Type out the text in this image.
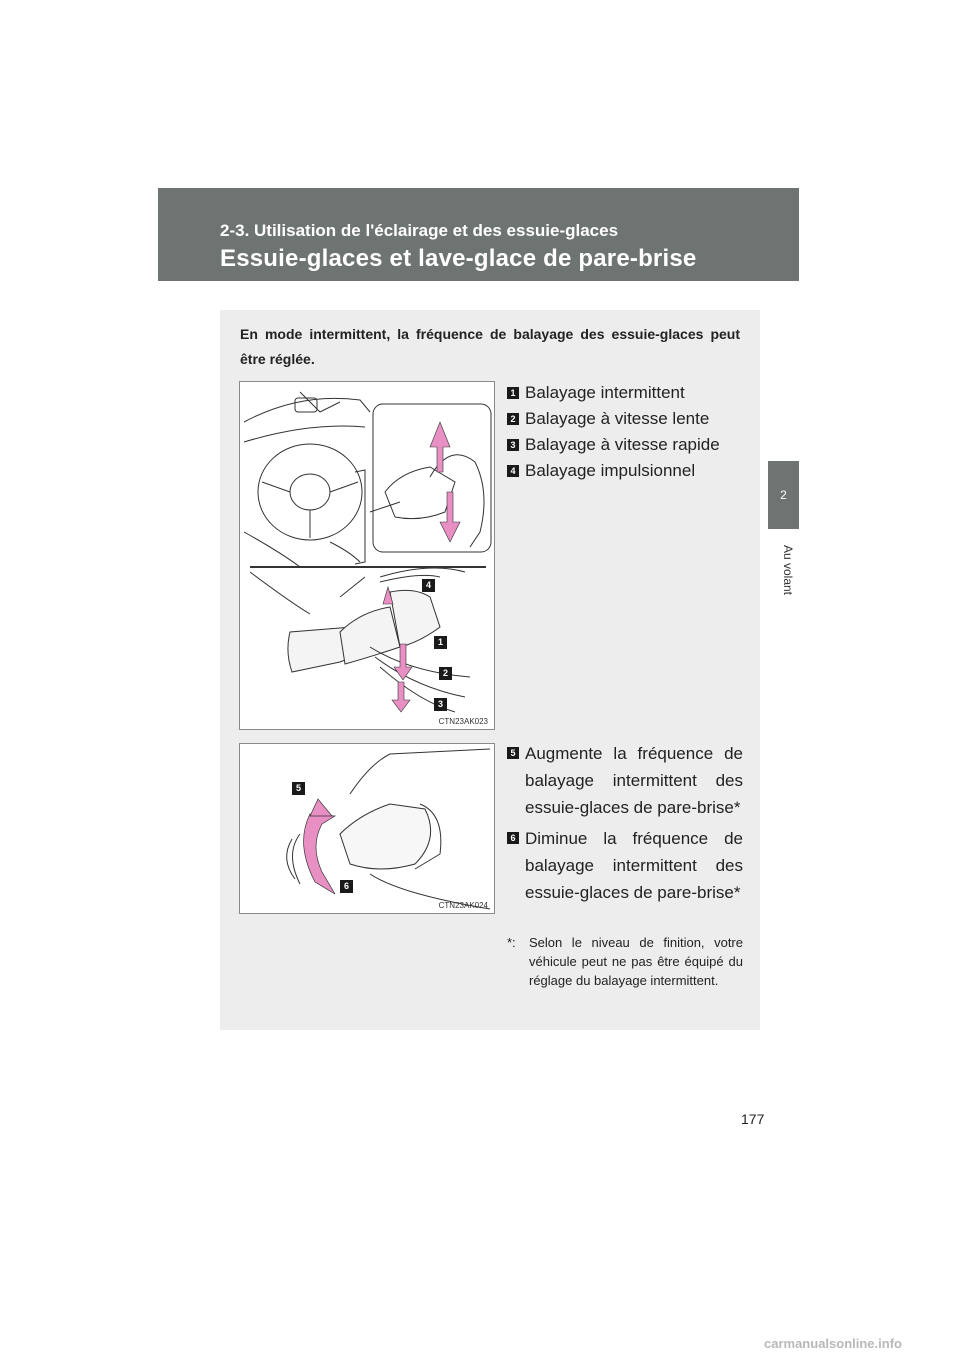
2-3. Utilisation de l'éclairage et des essuie-glaces
Essuie-glaces et lave-glace de pare-brise
2
Au volant
En mode intermittent, la fréquence de balayage des essuie-glaces peut être réglée.
4
1
2
3
CTN23AK023
1 Balayage intermittent
2 Balayage à vitesse lente
3 Balayage à vitesse rapide
4 Balayage impulsionnel
5
6
CTN23AK024
5 Augmente la fréquence de balayage intermittent des essuie-glaces de pare-brise*
6 Diminue la fréquence de balayage intermittent des essuie-glaces de pare-brise*
*:	Selon le niveau de finition, votre véhicule peut ne pas être équipé du réglage du balayage intermittent.
177
carmanualsonline.info
